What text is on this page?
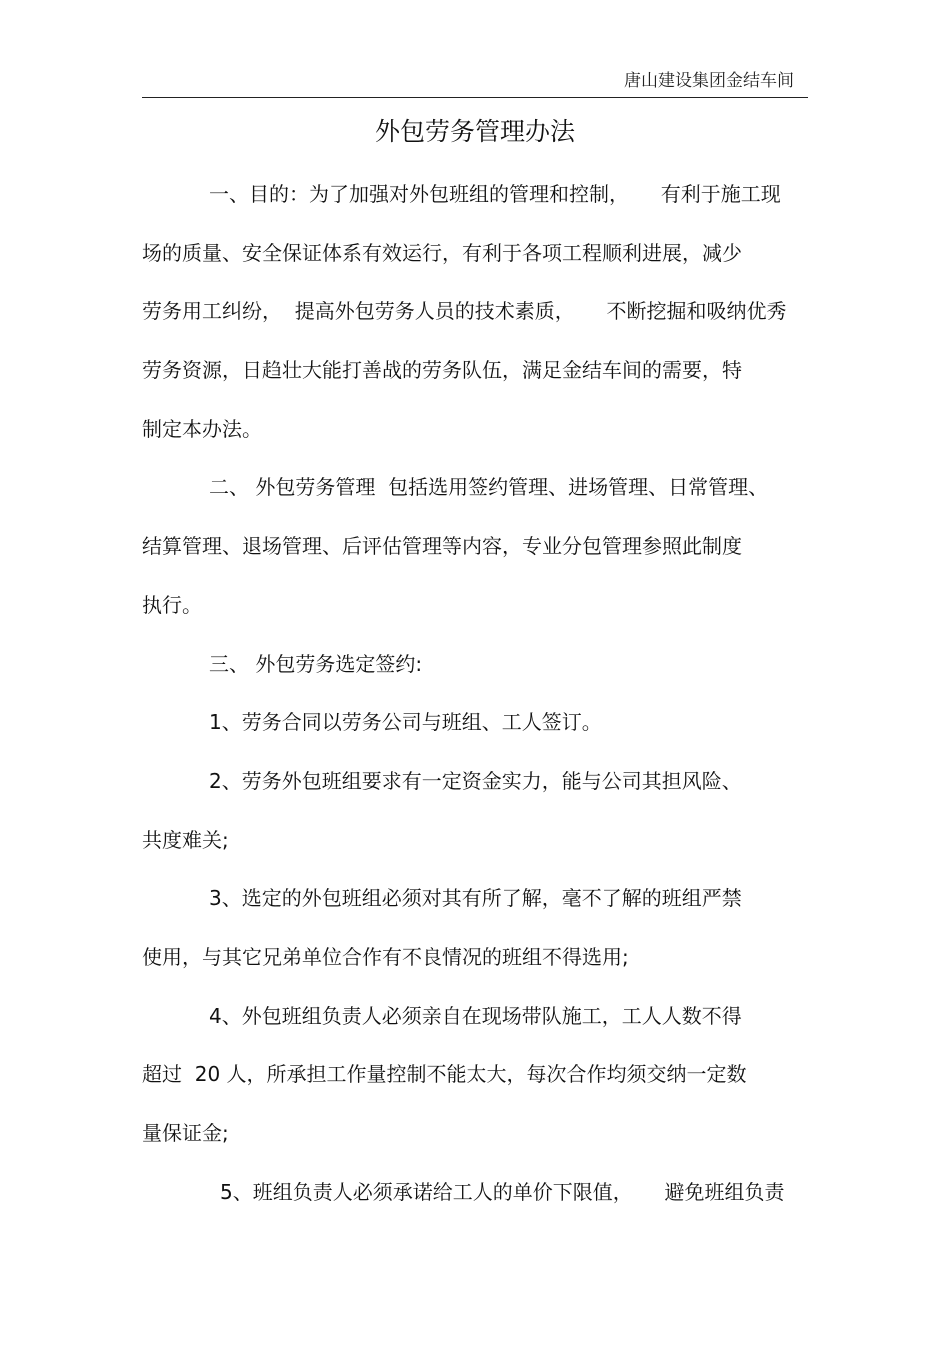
唐山建设集团金结车间
外包劳务管理办法
一、目的：为了加强对外包班组的管理和控制，     有利于施工现
场的质量、安全保证体系有效运行，有利于各项工程顺利进展，减少
劳务用工纠纷，  提高外包劳务人员的技术素质，     不断挖掘和吸纳优秀
劳务资源，日趋壮大能打善战的劳务队伍，满足金结车间的需要，特
制定本办法。
二、 外包劳务管理  包括选用签约管理、进场管理、日常管理、
结算管理、退场管理、后评估管理等内容，专业分包管理参照此制度
执行。
三、 外包劳务选定签约:
1、劳务合同以劳务公司与班组、工人签订。
2、劳务外包班组要求有一定资金实力，能与公司其担风险、
共度难关;
3、选定的外包班组必须对其有所了解，毫不了解的班组严禁
使用，与其它兄弟单位合作有不良情况的班组不得选用;
4、外包班组负责人必须亲自在现场带队施工，工人人数不得
超过  20 人，所承担工作量控制不能太大，每次合作均须交纳一定数
量保证金;
5、班组负责人必须承诺给工人的单价下限值，     避免班组负责
